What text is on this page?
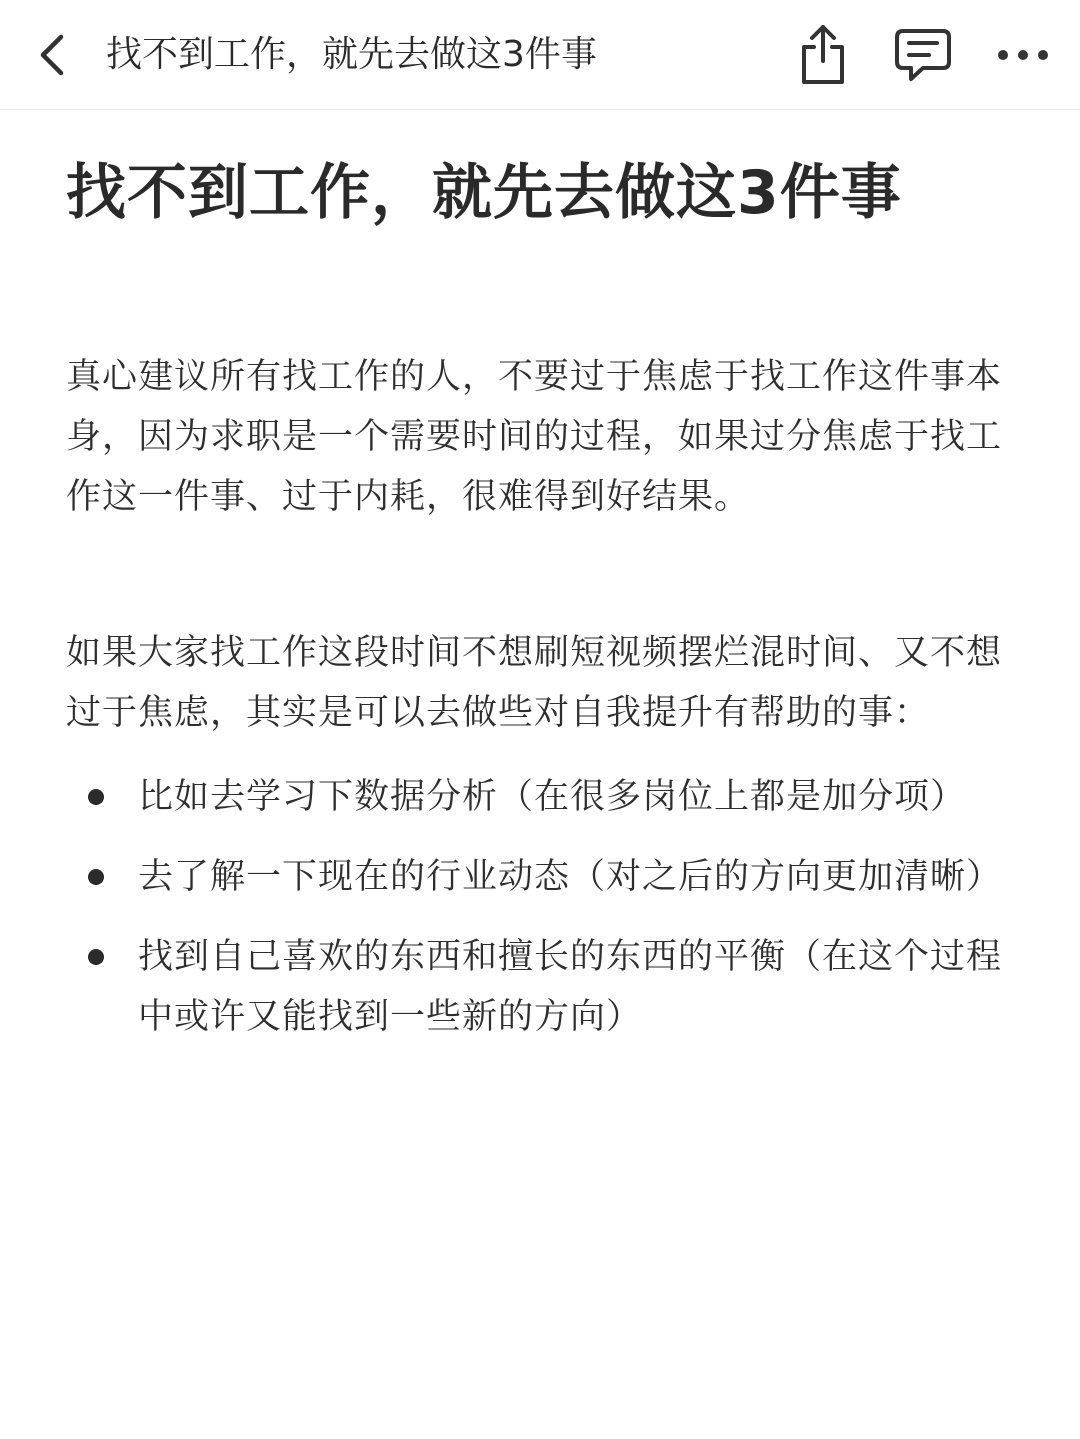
找不到工作，就先去做这3件事
找不到工作，就先去做这3件事

真心建议所有找工作的人，不要过于焦虑于找工作这件事本身，因为求职是一个需要时间的过程，如果过分焦虑于找工作这一件事、过于内耗，很难得到好结果。

如果大家找工作这段时间不想刷短视频摆烂混时间、又不想过于焦虑，其实是可以去做些对自我提升有帮助的事：

比如去学习下数据分析（在很多岗位上都是加分项）
去了解一下现在的行业动态（对之后的方向更加清晰）
找到自己喜欢的东西和擅长的东西的平衡（在这个过程中或许又能找到一些新的方向）
